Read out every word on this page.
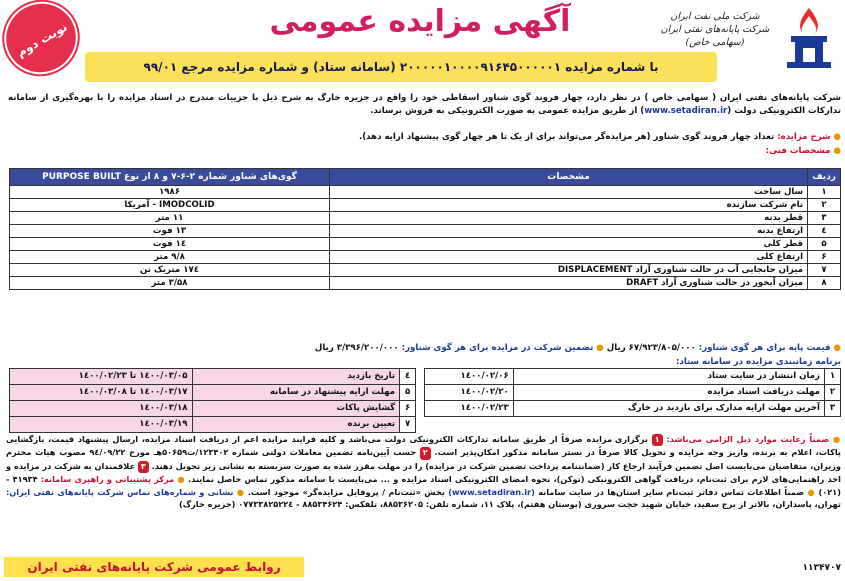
شرکت ملی نفت ایران
شرکت پایانه‌های نفتی ایران
(سهامی خاص)
آگهی مزایده عمومی
با شماره مزایده ۲۰۰۰۰۰۱۰۰۰۰۹۱۶۴۵۰۰۰۰۰۱ (سامانه ستاد) و شماره مزایده مرجع ۹۹/۰۱
نوبت دوم
شرکت پایانه‌های نفتی ایران ( سهامی خاص ) در نظر دارد، چهار فروند گوی شناور اسقاطی خود را واقع در جزیره خارگ به شرح ذیل با جزییات مندرج در اسناد مزایده را با بهره‌گیری از سامانه تدارکات الکترونیکی دولت (www.setadiran.ir) از طریق مزایده عمومی به صورت الکترونیکی به فروش برساند.
● شرح مزایده: تعداد چهار فروند گوی شناور (هر مزایده‌گر می‌تواند برای از یک تا هر چهار گوی پیشنهاد ارایه دهد).
● مشخصات فنی:
ردیف	مشخصات	گوی‌های شناور شماره ۲-۶-۷ و ۸ از نوع PURPOSE BUILT
۱	سال ساخت	۱۹۸۶
۲	نام شرکت سازنده	IMODCOLID - آمریکا
۳	قطر بدنه	۱۱ متر
٤	ارتفاع بدنه	۱۳ فوت
۵	قطر کلی	۱٤ فوت
۶	ارتفاع کلی	۹/۸ متر
۷	میزان جابجایی آب در حالت شناوری آزاد DISPLACEMENT	۱۷٤ متریک تن
۸	میزان آبخور در حالت شناوری آزاد DRAFT	۳/۵۸ متر
● قیمت پایه برای هر گوی شناور: ۶۷/۹۲۳/۸۰۵/۰۰۰ ریال ● تضمین شرکت در مزایده برای هر گوی شناور: ۳/۳۹۶/۲۰۰/۰۰۰ ریال
برنامه زمانبندی مزایده در سامانه ستاد:
۱	زمان انتشار در سایت ستاد	۱٤۰۰/۰۲/۰۶		٤	تاریخ بازدید	۱٤۰۰/۰۳/۰۵ تا ۱٤۰۰/۰۲/۲۳
۲	مهلت دریافت اسناد مزایده	۱٤۰۰/۰۲/۲۰		۵	مهلت ارایه پیشنهاد در سامانه	۱٤۰۰/۰۳/۱۷ تا ۱٤۰۰/۰۳/۰۸
۳	آخرین مهلت ارایه مدارک برای بازدید در خارگ	۱٤۰۰/۰۲/۲۳		۶	گشایش پاکات	۱٤۰۰/۰۳/۱۸
				۷	تعیین برنده	۱٤۰۰/۰۳/۱۹
● ضمناً رعایت موارد ذیل الزامی می‌باشد: ۱ برگزاری مزایده صرفاً از طریق سامانه تدارکات الکترونیکی دولت می‌باشد و کلیه فرایند مزایده اعم از دریافت اسناد مزایده، ارسال پیشنهاد قیمت، بازگشایی پاکات، اعلام به برنده، واریز وجه مزایده و تحویل کالا صرفاً در بستر سامانه مذکور امکان‌پذیر است. ۲ حسب آیین‌نامه تضمین معاملات دولتی شماره ۱۲۳۴۰۲/ت۵۰۶۵۹هـ مورخ ۹٤/۰۹/۲۲ مصوب هیات محترم وزیران، متقاضیان می‌بایست اصل تضمین فرآیند ارجاع کار (ضمانتنامه پرداخت تضمین شرکت در مزایده) را در مهلت مقرر شده به صورت سربسته به نشانی زیر تحویل دهند. ۳ علاقمندان به شرکت در مزایده و اخذ راهنمایی‌های لازم برای ثبت‌نام، دریافت گواهی الکترونیکی (توکن)، نحوه امضای الکترونیکی اسناد مزایده و ... می‌بایست با سامانه مذکور تماس حاصل نمایند. ● مرکز پشتیبانی و راهبری سامانه: ۴۱۹۳۴ - (۰۲۱) ● ضمناً اطلاعات تماس دفاتر ثبت‌نام سایر استان‌ها در سایت سامانه (www.setadiran.ir) بخش «ثبت‌نام / پروفایل مزایده‌گر» موجود است. ● نشانی و شماره‌های تماس شرکت پایانه‌های نفتی ایران: تهران، پاسداران، بالاتر از برج سفید، خیابان شهید حجت سروری (بوستان هفتم)، پلاک ۱۱، شماره تلفن: ۸۸۵۳۶۲۰۵، تلفکس: ۸۸۵۳۴۶۲۴ - ۰۷۷۳۳۸۲۵۲۲٤ (جزیره خارگ)
روابط عمومی شرکت پایانه‌های نفتی ایران	۱۱۳۴۷۰۷
